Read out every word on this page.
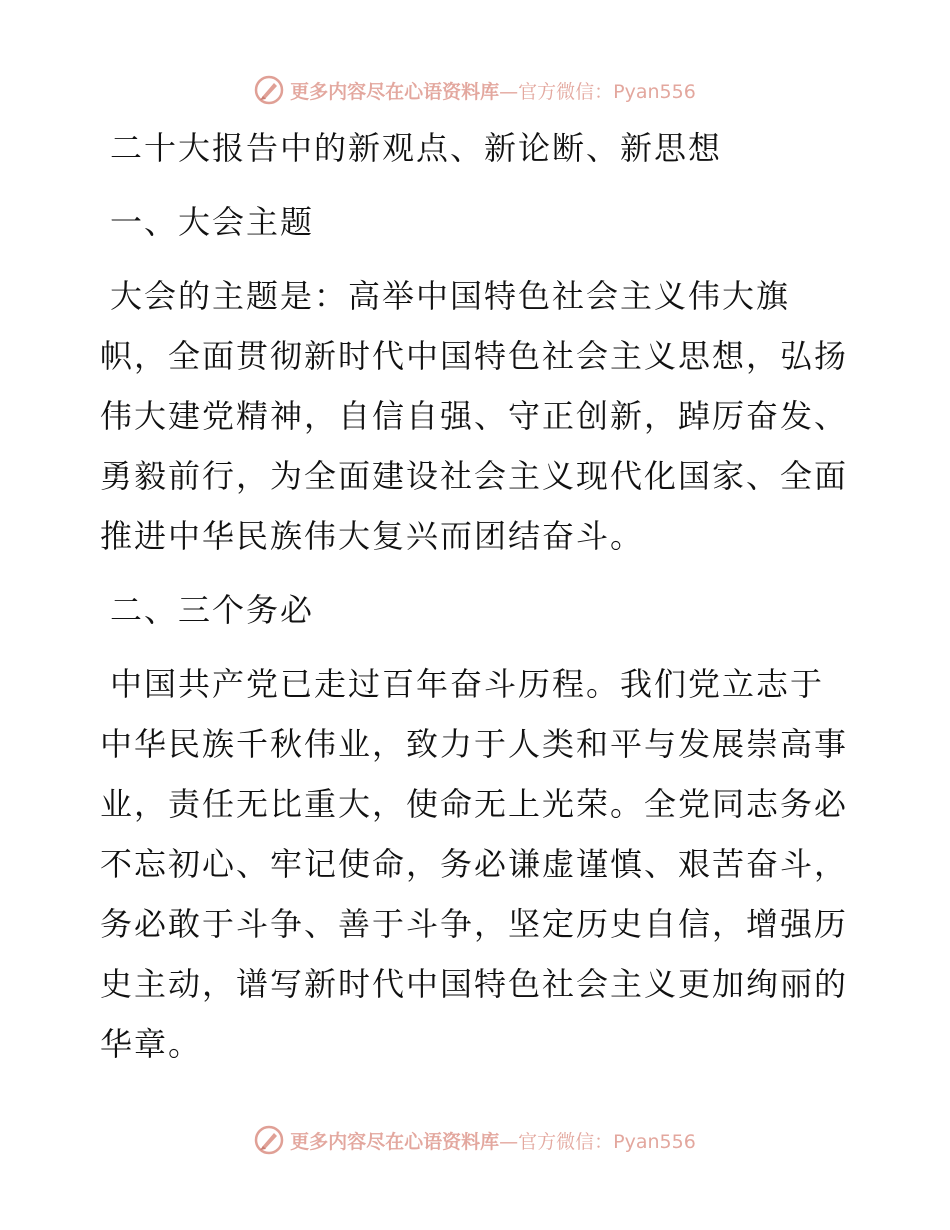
更多内容尽在心语资料库 —官方微信：Pyan556

二十大报告中的新观点、新论断、新思想

一、大会主题

大会的主题是：高举中国特色社会主义伟大旗

帜，全面贯彻新时代中国特色社会主义思想，弘扬

伟大建党精神，自信自强、守正创新，踔厉奋发、

勇毅前行，为全面建设社会主义现代化国家、全面

推进中华民族伟大复兴而团结奋斗。

二、三个务必

中国共产党已走过百年奋斗历程。我们党立志于

中华民族千秋伟业，致力于人类和平与发展崇高事

业，责任无比重大，使命无上光荣。全党同志务必

不忘初心、牢记使命，务必谦虚谨慎、艰苦奋斗，

务必敢于斗争、善于斗争，坚定历史自信，增强历

史主动，谱写新时代中国特色社会主义更加绚丽的

华章。

更多内容尽在心语资料库 —官方微信：Pyan556
